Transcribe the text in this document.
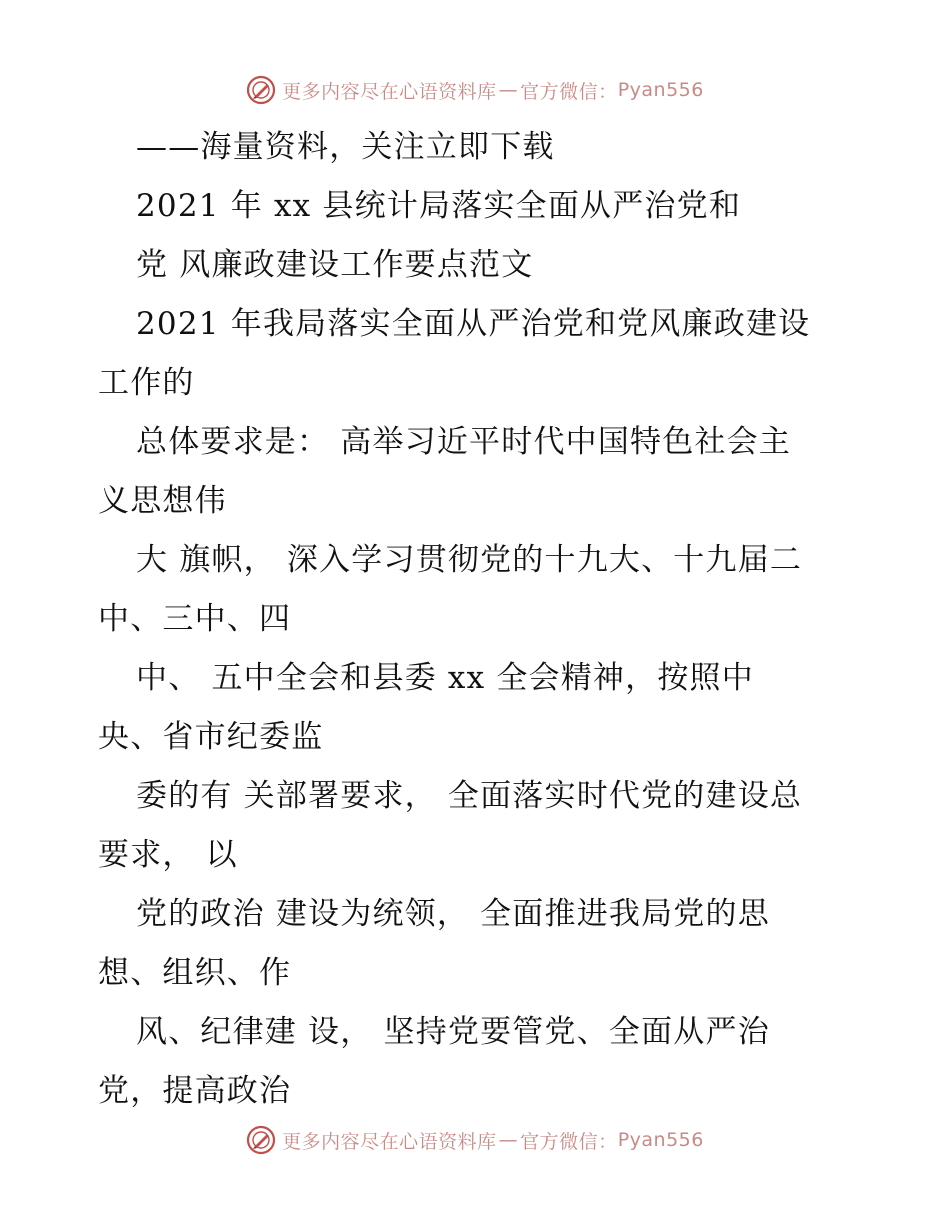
更多内容尽在心语资料库 — 官方微信： Pyan556
——海量资料，关注立即下载
2021 年 xx 县统计局落实全面从严治党和
党 风廉政建设工作要点范文
2021 年我局落实全面从严治党和党风廉政建设
工作的
总体要求是： 高举习近平时代中国特色社会主
义思想伟
大 旗帜， 深入学习贯彻党的十九大、十九届二
中、三中、四
中、 五中全会和县委 xx 全会精神，按照中
央、省市纪委监
委的有 关部署要求， 全面落实时代党的建设总
要求， 以
党的政治 建设为统领， 全面推进我局党的思
想、组织、作
风、纪律建 设， 坚持党要管党、全面从严治
党，提高政治
更多内容尽在心语资料库 — 官方微信： Pyan556
